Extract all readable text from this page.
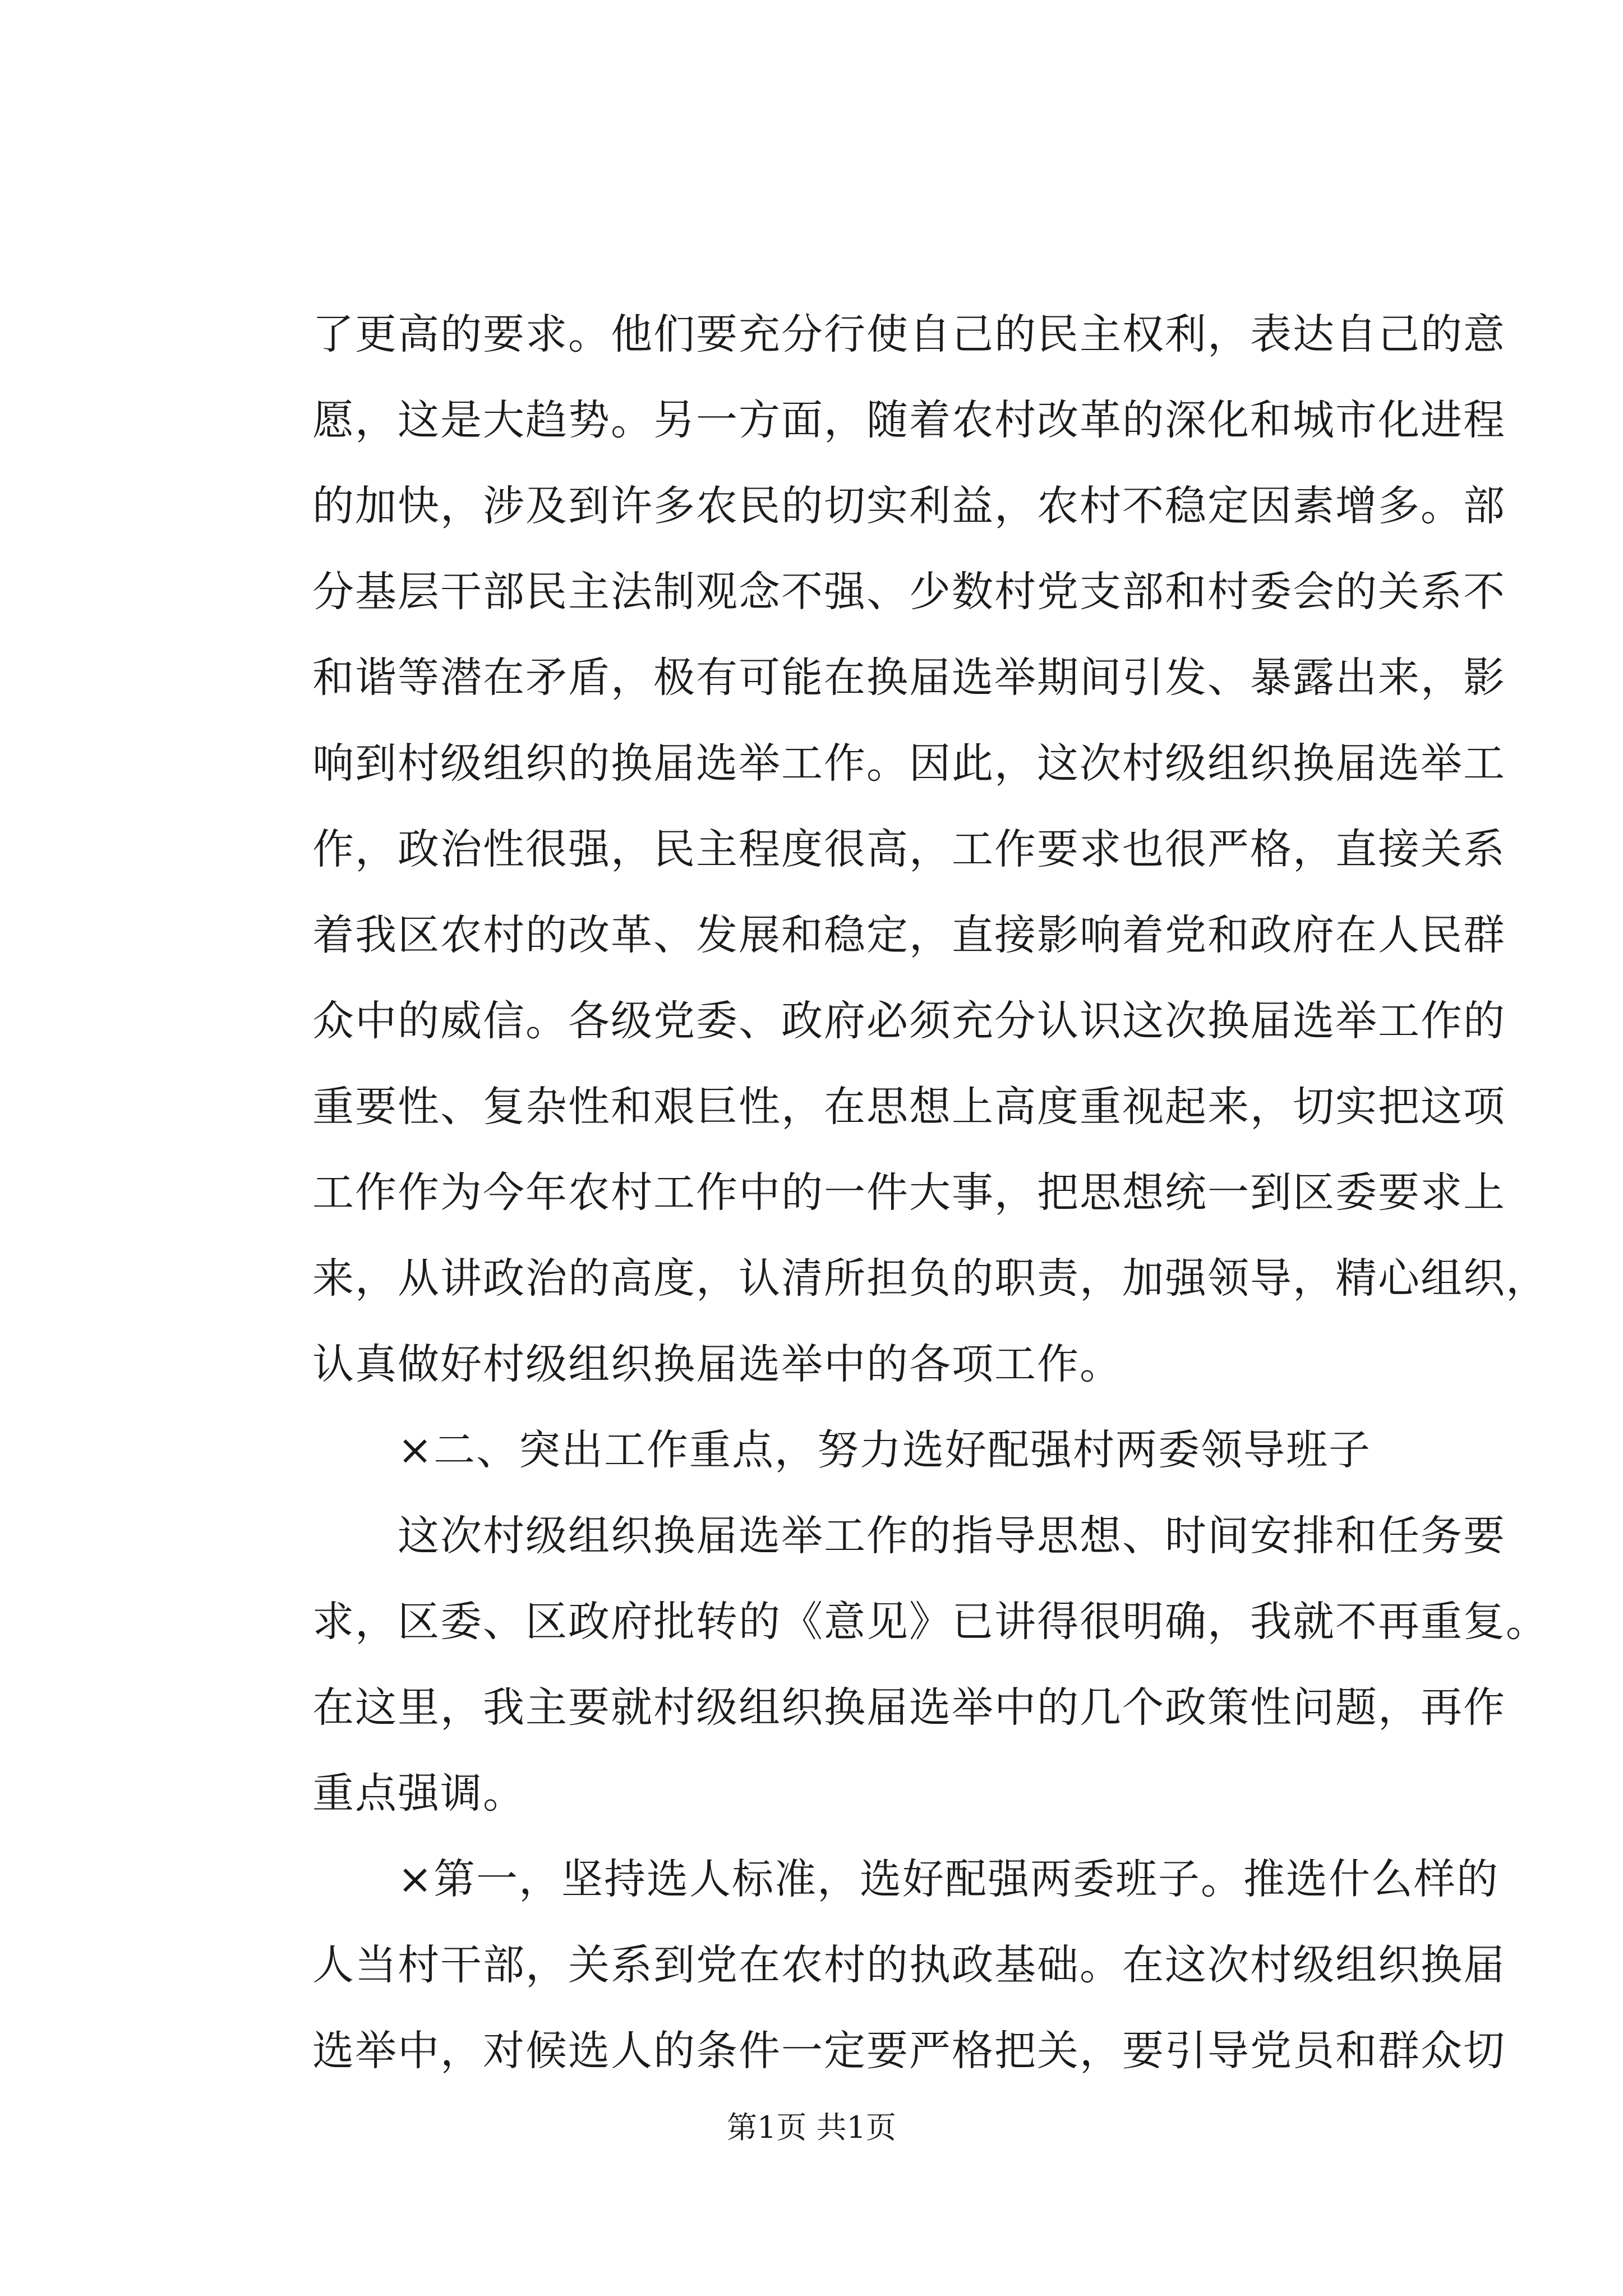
了更高的要求。他们要充分行使自己的民主权利，表达自己的意
愿，这是大趋势。另一方面，随着农村改革的深化和城市化进程
的加快，涉及到许多农民的切实利益，农村不稳定因素增多。部
分基层干部民主法制观念不强、少数村党支部和村委会的关系不
和谐等潜在矛盾，极有可能在换届选举期间引发、暴露出来，影
响到村级组织的换届选举工作。因此，这次村级组织换届选举工
作，政治性很强，民主程度很高，工作要求也很严格，直接关系
着我区农村的改革、发展和稳定，直接影响着党和政府在人民群
众中的威信。各级党委、政府必须充分认识这次换届选举工作的
重要性、复杂性和艰巨性，在思想上高度重视起来，切实把这项
工作作为今年农村工作中的一件大事，把思想统一到区委要求上
来，从讲政治的高度，认清所担负的职责，加强领导，精心组织，
认真做好村级组织换届选举中的各项工作。
×二、突出工作重点，努力选好配强村两委领导班子
这次村级组织换届选举工作的指导思想、时间安排和任务要
求，区委、区政府批转的《意见》已讲得很明确，我就不再重复。
在这里，我主要就村级组织换届选举中的几个政策性问题，再作
重点强调。
×第一，坚持选人标准，选好配强两委班子。推选什么样的
人当村干部，关系到党在农村的执政基础。在这次村级组织换届
选举中，对候选人的条件一定要严格把关，要引导党员和群众切
第1页 共1页
